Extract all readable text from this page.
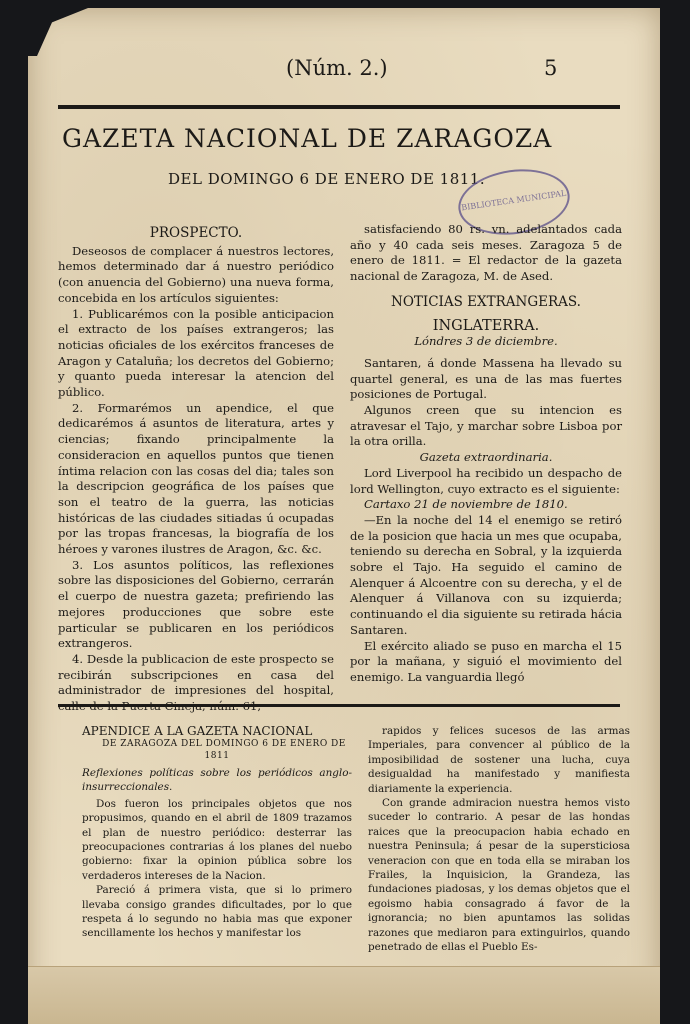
(Núm. 2.)	5
GAZETA NACIONAL DE ZARAGOZA
DEL DOMINGO 6 DE ENERO DE 1811.
BIBLIOTECA MUNICIPAL

PROSPECTO.

Deseosos de complacer á nuestros lectores, hemos determinado dar á nuestro periódico (con anuencia del Gobierno) una nueva forma, concebida en los artículos siguientes:

1. Publicarémos con la posible anticipacion el extracto de los países extrangeros; las noticias oficiales de los exércitos franceses de Aragon y Cataluña; los decretos del Gobierno; y quanto pueda interesar la atencion del público.

2. Formarémos un apendice, el que dedicarémos á asuntos de literatura, artes y ciencias; fixando principalmente la consideracion en aquellos puntos que tienen íntima relacion con las cosas del dia; tales son la descripcion geográfica de los países que son el teatro de la guerra, las noticias históricas de las ciudades sitiadas ú ocupadas por las tropas francesas, la biografía de los héroes y varones ilustres de Aragon, &c. &c.

3. Los asuntos políticos, las reflexiones sobre las disposiciones del Gobierno, cerrarán el cuerpo de nuestra gazeta; prefiriendo las mejores producciones que sobre este particular se publicaren en los periódicos extrangeros.

4. Desde la publicacion de este prospecto se recibirán subscripciones en casa del administrador de impresiones del hospital,

satisfaciendo 80 rs. vn. adelantados cada año y 40 cada seis meses. Zaragoza 5 de enero de 1811. = El redactor de la gazeta nacional de Zaragoza, M. de Ased.

NOTICIAS EXTRANGERAS.

INGLATERRA.

Lóndres 3 de diciembre.

Santaren, á donde Massena ha llevado su quartel general, es una de las mas fuertes posiciones de Portugal.

Algunos creen que su intencion es atravesar el Tajo, y marchar sobre Lisboa por la otra orilla.

Gazeta extraordinaria.

Lord Liverpool ha recibido un despacho de lord Wellington, cuyo extracto es el siguiente:

Cartaxo 21 de noviembre de 1810.

—En la noche del 14 el enemigo se retiró de la posicion que hacia un mes que ocupaba, teniendo su derecha en Sobral, y la izquierda sobre el Tajo. Ha seguido el camino de Alenquer á Alcoentre con su derecha, y el de Alenquer á Villanova con su izquierda; continuando el dia siguiente su retirada hácia Santaren.

El exército aliado se puso en marcha el 15 por la mañana, y siguió el movimiento del enemigo. La vanguardia llegó

APENDICE A LA GAZETA NACIONAL

DE ZARAGOZA DEL DOMINGO 6 DE ENERO DE 1811

Reflexiones políticas sobre los periódicos anglo-insurreccionales.

Dos fueron los principales objetos que nos propusimos, quando en el abril de 1809 trazamos el plan de nuestro periódico: desterrar las preocupaciones contrarias á los planes del nuebo gobierno: fixar la opinion pública sobre los verdaderos intereses de la Nacion.

Pareció á primera vista, que si lo primero llevaba consigo grandes dificultades, por lo que respeta á lo segundo no habia mas que exponer sencillamente los hechos y manifestar los

rapidos y felices sucesos de las armas Imperiales, para convencer al público de la imposibilidad de sostener una lucha, cuya desigualdad ha manifestado y manifiesta diariamente la experiencia.

Con grande admiracion nuestra hemos visto suceder lo contrario. A pesar de las hondas raices que la preocupacion habia echado en nuestra Peninsula; á pesar de la supersticiosa veneracion con que en toda ella se miraban los Frailes, la Inquisicion, la Grandeza, las fundaciones piadosas, y los demas objetos que el egoismo habia consagrado á favor de la ignorancia; no bien apuntamos las solidas razones que mediaron para extinguirlos, quando penetrado de ellas el Pueblo Es-
